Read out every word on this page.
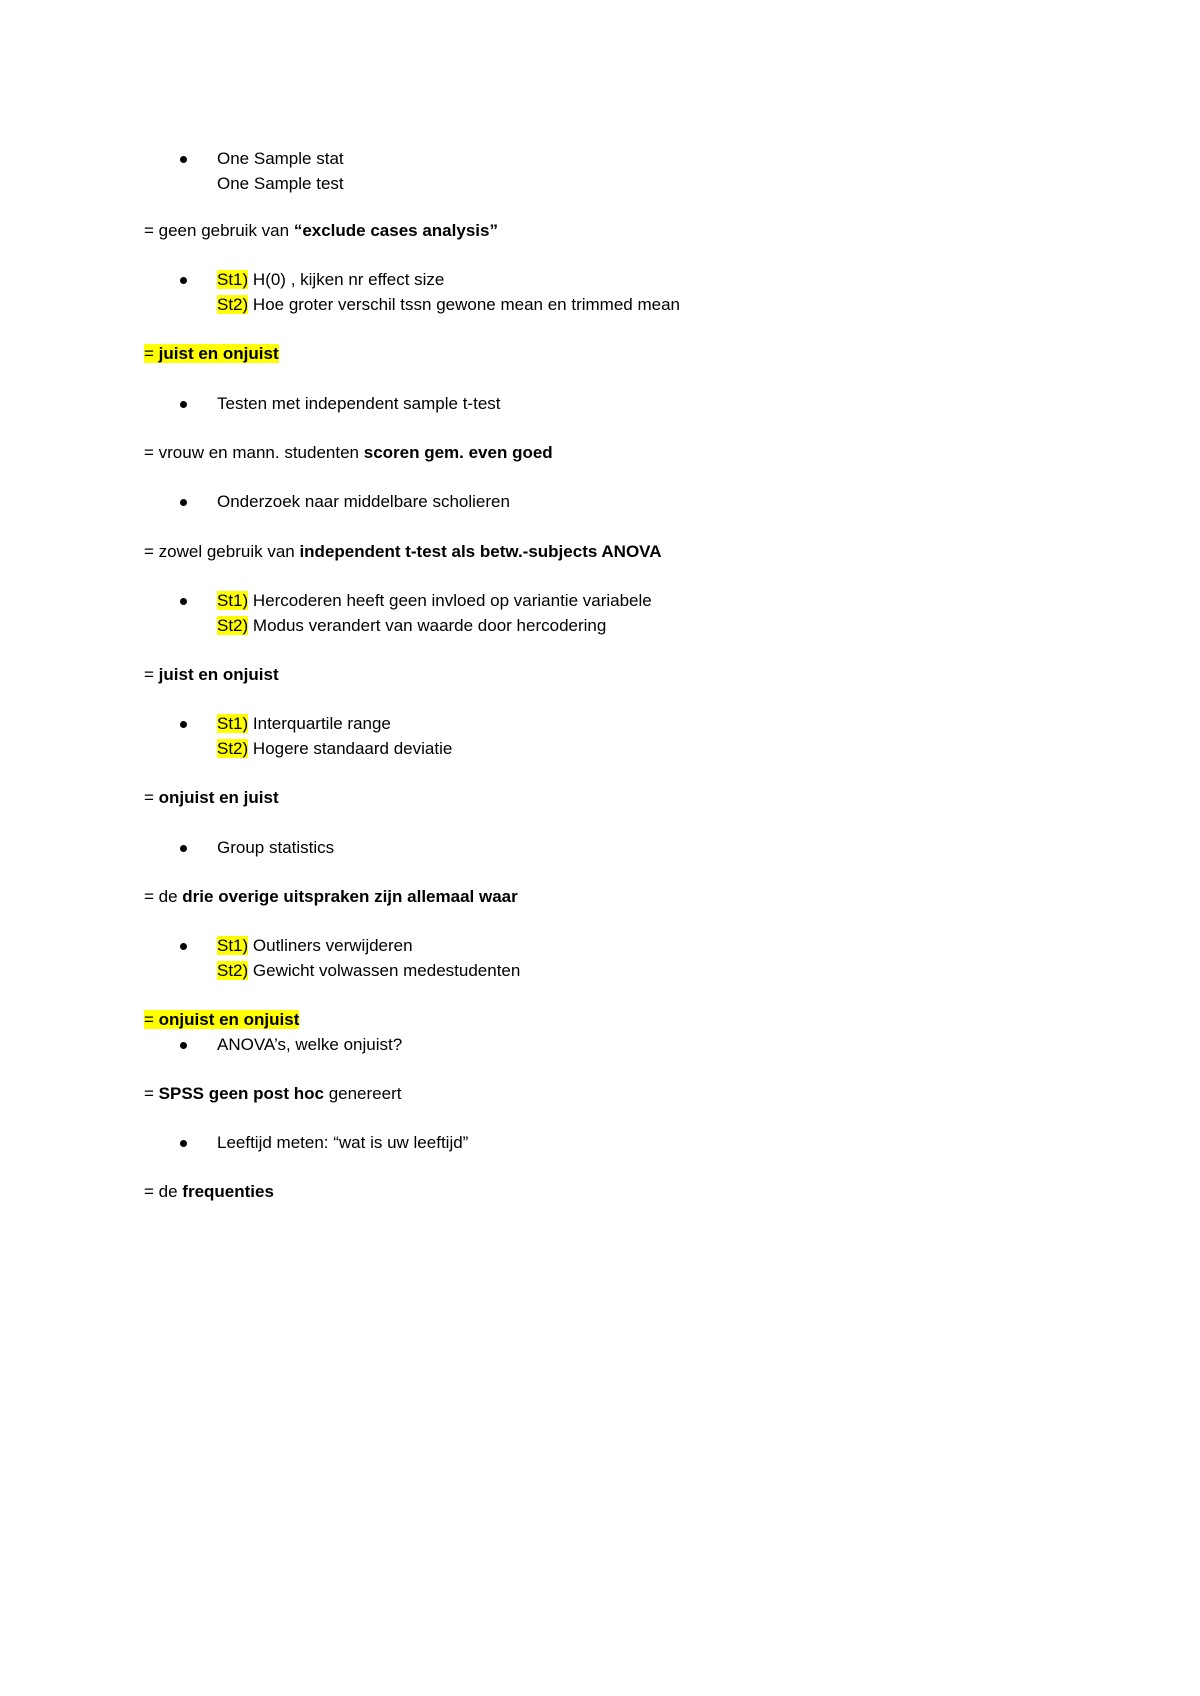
One Sample stat
One Sample test
= geen gebruik van “exclude cases analysis”
St1) H(0) , kijken nr effect size
St2) Hoe groter verschil tssn gewone mean en trimmed mean
= juist en onjuist
Testen met independent sample t-test
= vrouw en mann. studenten scoren gem. even goed
Onderzoek naar middelbare scholieren
= zowel gebruik van independent t-test als betw.-subjects ANOVA
St1) Hercoderen heeft geen invloed op variantie variabele
St2) Modus verandert van waarde door hercodering
= juist en onjuist
St1) Interquartile range
St2) Hogere standaard deviatie
= onjuist en juist
Group statistics
= de drie overige uitspraken zijn allemaal waar
St1) Outliners verwijderen
St2) Gewicht volwassen medestudenten
= onjuist en onjuist
ANOVA’s, welke onjuist?
= SPSS geen post hoc genereert
Leeftijd meten: “wat is uw leeftijd”
= de frequenties
